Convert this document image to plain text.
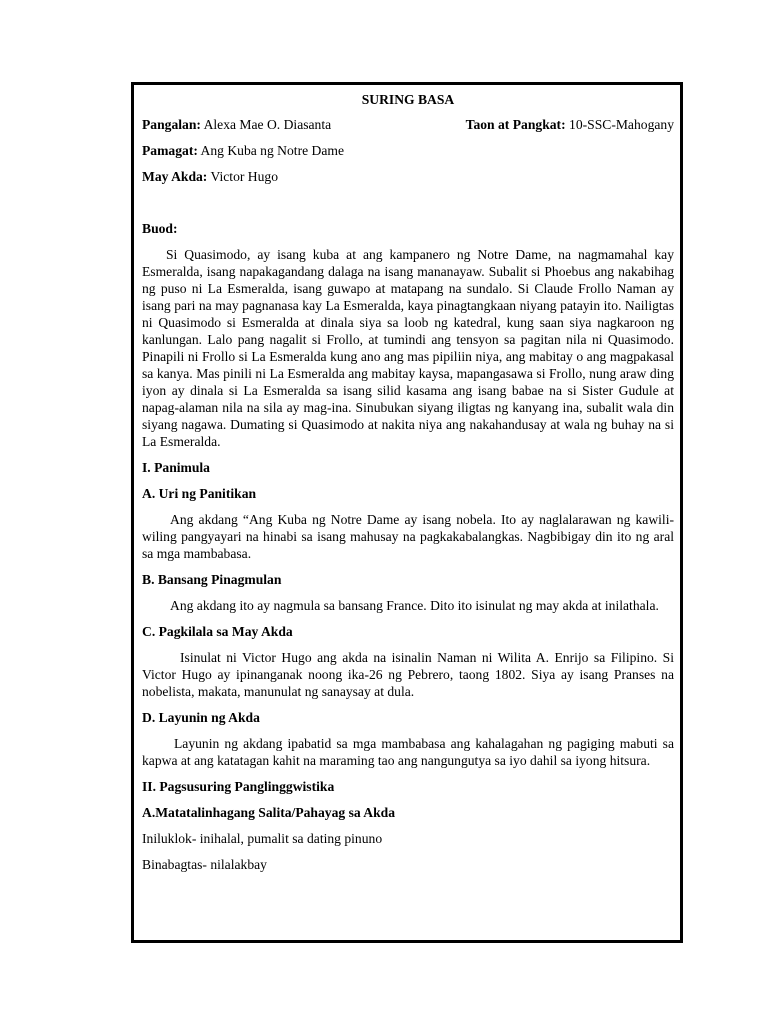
SURING BASA
Pangalan: Alexa Mae O. Diasanta	Taon at Pangkat: 10-SSC-Mahogany
Pamagat: Ang Kuba ng Notre Dame
May Akda: Victor Hugo
Buod:

Si Quasimodo, ay isang kuba at ang kampanero ng Notre Dame, na nagmamahal kay Esmeralda, isang napakagandang dalaga na isang mananayaw. Subalit si Phoebus ang nakabihag ng puso ni La Esmeralda, isang guwapo at matapang na sundalo. Si Claude Frollo Naman ay isang pari na may pagnanasa kay La Esmeralda, kaya pinagtangkaan niyang patayin ito. Nailigtas ni Quasimodo si Esmeralda at dinala siya sa loob ng katedral, kung saan siya nagkaroon ng kanlungan. Lalo pang nagalit si Frollo, at tumindi ang tensyon sa pagitan nila ni Quasimodo. Pinapili ni Frollo si La Esmeralda kung ano ang mas pipiliin niya, ang mabitay o ang magpakasal sa kanya. Mas pinili ni La Esmeralda ang mabitay kaysa, mapangasawa si Frollo, nung araw ding iyon ay dinala si La Esmeralda sa isang silid kasama ang isang babae na si Sister Gudule at napag-alaman nila na sila ay mag-ina. Sinubukan siyang iligtas ng kanyang ina, subalit wala din siyang nagawa. Dumating si Quasimodo at nakita niya ang nakahandusay at wala ng buhay na si La Esmeralda.

I. Panimula
A. Uri ng Panitikan

Ang akdang “Ang Kuba ng Notre Dame ay isang nobela. Ito ay naglalarawan ng kawili-wiling pangyayari na hinabi sa isang mahusay na pagkakabalangkas. Nagbibigay din ito ng aral sa mga mambabasa.

B. Bansang Pinagmulan

Ang akdang ito ay nagmula sa bansang France. Dito ito isinulat ng may akda at inilathala.

C. Pagkilala sa May Akda

Isinulat ni Victor Hugo ang akda na isinalin Naman ni Wilita A. Enrijo sa Filipino. Si Victor Hugo ay ipinanganak noong ika-26 ng Pebrero, taong 1802. Siya ay isang Pranses na nobelista, makata, manunulat ng sanaysay at dula.

D. Layunin ng Akda

Layunin ng akdang ipabatid sa mga mambabasa ang kahalagahan ng pagiging mabuti sa kapwa at ang katatagan kahit na maraming tao ang nangungutya sa iyo dahil sa iyong hitsura.

II. Pagsusuring Panglinggwistika
A.Matatalinhagang Salita/Pahayag sa Akda
Iniluklok- inihalal, pumalit sa dating pinuno
Binabagtas- nilalakbay
